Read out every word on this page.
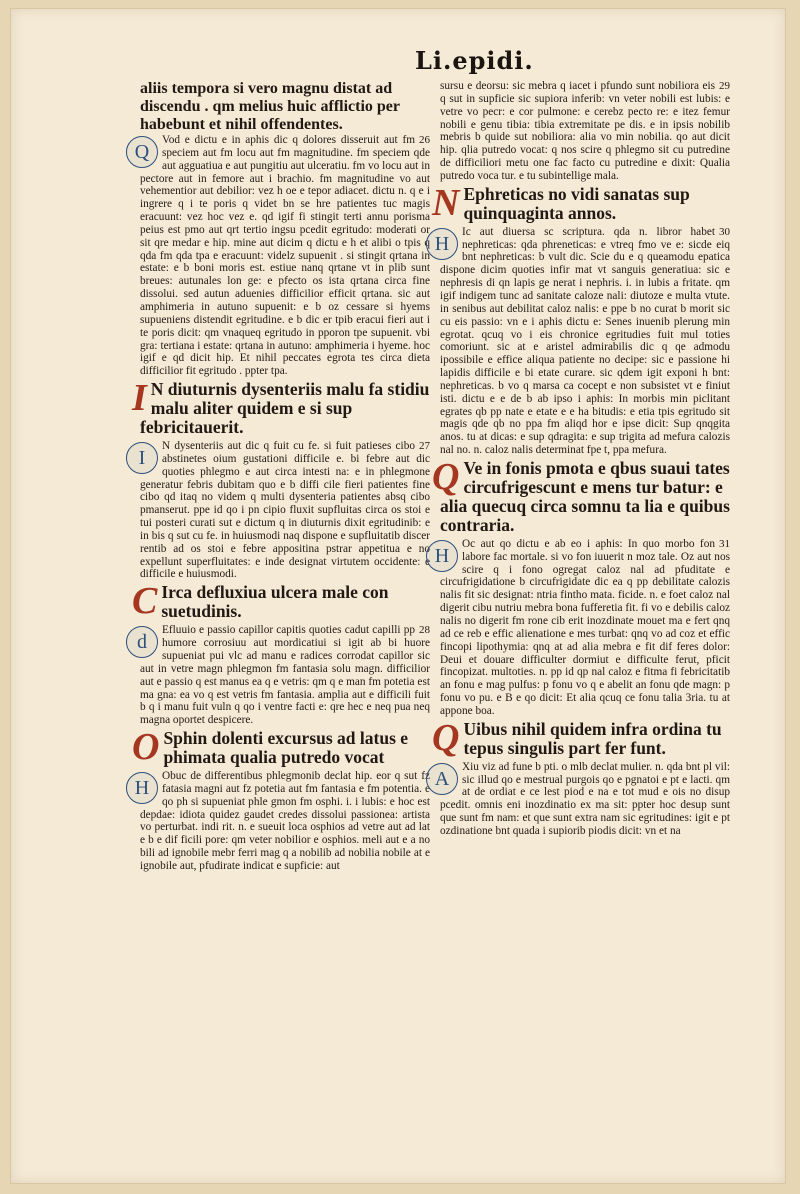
Li.epidi.
aliis tempora si vero magnu distat ad discendu . qm melius huic afflictio per habebunt et nihil offendentes.
Q
26
Vod e dictu e in aphis dic q dolores disseruit aut fm speciem aut fm locu aut fm magnitudine. fm speciem qde aut agguatiua e aut pungitiu aut ulceratiu. fm vo locu aut in pectore aut in femore aut i brachio. fm magnitudine vo aut vehementior aut debilior: vez h oe e tepor adiacet. dictu n. q e i ingrere q i te poris q videt bn se hre patientes tuc magis eracuunt: vez hoc vez e. qd igif fi stingit terti annu porisma peius est pmo aut qrt tertio ingsu pcedit egritudo: moderati or sit qre medar e hip. mine aut dicim q dictu e h et alibi o tpis q qda fm qda tpa e eracuunt: videlz supuenit . si stingit qrtana in estate: e b boni moris est. estiue nanq qrtane vt in plib sunt breues: autunales lon ge: e pfecto os ista qrtana circa fine dissolui. sed autun aduenies difficilior efficit qrtana. sic aut amphimeria in autuno supuenit: e b oz cessare si hyems supueniens distendit egritudine. e b dic er tpib eracui fieri aut i te poris dicit: qm vnaqueq egritudo in pporon tpe supuenit. vbi gra: tertiana i estate: qrtana in autuno: amphimeria i hyeme. hoc igif e qd dicit hip. Et nihil peccates egrota tes circa dieta difficilior fit egritudo . ppter tpa.
I N diuturnis dysenteriis malu fa stidiu malu aliter quidem e si sup febricitauerit.
I
27
N dysenteriis aut dic q fuit cu fe. si fuit patieses cibo abstinetes oium gustationi difficile e. bi febre aut dic quoties phlegmo e aut circa intesti na: e in phlegmone generatur febris dubitam quo e b diffi cile fieri patientes fine cibo qd itaq no videm q multi dysenteria patientes absq cibo pmanserut. ppe id qo i pn cipio fluxit supfluitas circa os stoi e tui posteri curati sut e dictum q in diuturnis dixit egritudinib: e in bis q sut cu fe. in huiusmodi naq dispone e supfluitatib discer rentib ad os stoi e febre appositina pstrar appetitua e no expellunt superfluitates: e inde designat virtutem occidente: e difficile e huiusmodi.
C Irca defluxiua ulcera male con suetudinis.
d
28
Efluuio e passio capillor capitis quoties cadut capilli pp humore corrosiuu aut mordicatiui si igit ab bi huore supueniat pui vlc ad manu e radices corrodat capillor sic aut in vetre magn phlegmon fm fantasia solu magn. difficilior aut e passio q est manus ea q e vetris: qm q e man fm potetia est ma gna: ea vo q est vetris fm fantasia. amplia aut e difficili fuit b q i manu fuit vuln q qo i ventre facti e: qre hec e neq pua neq magna oportet despicere.
O Sphin dolenti excursus ad latus e phimata qualia putredo vocat
H
Obuc de differentibus phlegmonib declat hip. eor q sut fz fatasia magni aut fz potetia aut fm fantasia e fm potentia. e qo ph si supueniat phle gmon fm osphi. i. i lubis: e hoc est depdae: idiota quidez gaudet credes dissolui passionea: artista vo perturbat. indi rit. n. e sueuit loca osphios ad vetre aut ad lat e b e dif ficili pore: qm veter nobilior e osphios. meli aut e a no bili ad ignobile mebr ferri mag q a nobilib ad nobilia nobile at e ignobile aut, pfudirate indicat e supficie: aut
29
sursu e deorsu: sic mebra q iacet i pfundo sunt nobiliora eis q sut in supficie sic supiora inferib: vn veter nobili est lubis: e vetre vo pecr: e cor pulmone: e cerebz pecto re: e itez femur nobili e genu tibia: tibia extremitate pe dis. e in ipsis nobilib mebris b quide sut nobiliora: alia vo min nobilia. qo aut dicit hip. qlia putredo vocat: q nos scire q phlegmo sit cu putredine de difficiliori metu one fac facto cu putredine e dixit: Qualia putredo voca tur. e tu subintellige mala.
N Ephreticas no vidi sanatas sup quinquaginta annos.
H
30
Ic aut diuersa sc scriptura. qda n. libror habet nephreticas: qda phreneticas: e vtreq fmo ve e: sicde eiq bnt nephreticas: b vult dic. Scie du e q queamodu epatica dispone dicim quoties infir mat vt sanguis generatiua: sic e nephresis di qn lapis ge nerat i nephris. i. in lubis a fritate. qm igif indigem tunc ad sanitate caloze nali: diutoze e multa vtute. in senibus aut debilitat caloz nalis: e ppe b no curat b morit sic cu eis passio: vn e i aphis dictu e: Senes inuenib plerung min egrotat. qcuq vo i eis chronice egritudies fuit mul toties comoriunt. sic at e aristel admirabilis dic q qe admodu ipossibile e effice aliqua patiente no decipe: sic e passione hi lapidis difficile e bi etate curare. sic qdem igit exponi h bnt: nephreticas. b vo q marsa ca cocept e non subsistet vt e finiut isti. dictu e e de b ab ipso i aphis: In morbis min piclitant egrates qb pp nate e etate e e ha bitudis: e etia tpis egritudo sit magis qde qb no ppa fm aliqd hor e ipse dicit: Sup qnqgita anos. tu at dicas: e sup qdragita: e sup trigita ad mefura calozis nal no. n. caloz nalis determinat fpe t, ppa mefura.
Q Ve in fonis pmota e qbus suaui tates circufrigescunt e mens tur batur: e alia quecuq circa somnu ta lia e quibus contraria.
H
31
Oc aut qo dictu e ab eo i aphis: In quo morbo fon labore fac mortale. si vo fon iuuerit n moz tale. Oz aut nos scire q i fono ogregat caloz nal ad pfuditate e circufrigidatione b circufrigidate dic ea q pp debilitate calozis nalis fit sic designat: ntria fintho mata. ficide. n. e foet caloz nal digerit cibu nutriu mebra bona fufferetia fit. fi vo e debilis caloz nalis no digerit fm rone cib erit inozdinate mouet ma e fert qnq ad ce reb e effic alienatione e mes turbat: qnq vo ad coz et effic fincopi lipothymia: qnq at ad alia mebra e fit dif feres dolor: Deui et douare difficulter dormiut e difficulte ferut, pficit fincopizat. multoties. n. pp id qp nal caloz e fitma fi febricitatib an fonu e mag pulfus: p fonu vo q e abelit an fonu qde magn: p fonu vo pu. e B e qo dicit: Et alia qcuq ce fonu talia 3ria. tu at appone boa.
Q Uibus nihil quidem infra ordina tu tepus singulis part fer funt.
A
Xiu viz ad fune b pti. o mlb declat mulier. n. qda bnt pl vil: sic illud qo e mestrual purgois qo e pgnatoi e pt e lacti. qm at de ordiat e ce lest piod e na e tot mud e ois no disup pcedit. omnis eni inozdinatio ex ma sit: ppter hoc desup sunt que sunt fm nam: et que sunt extra nam sic egritudines: igit e pt ozdinatione bnt quada i supiorib piodis dicit: vn et na
